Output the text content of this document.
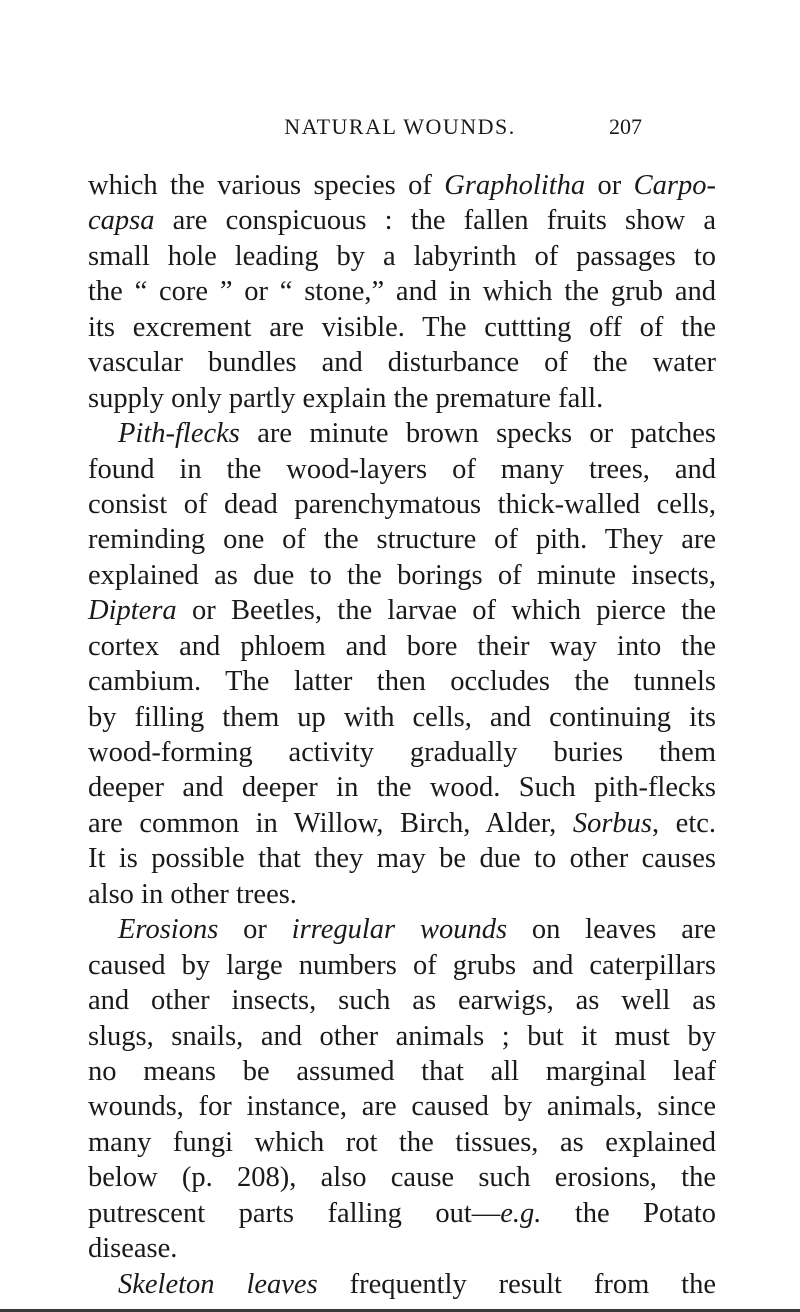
NATURAL WOUNDS.	207
which the various species of Grapholitha or Carpo-
capsa are conspicuous : the fallen fruits show a
small hole leading by a labyrinth of passages to
the “ core ” or “ stone,” and in which the grub and
its excrement are visible. The cuttting off of the
vascular bundles and disturbance of the water
supply only partly explain the premature fall.
Pith-flecks are minute brown specks or patches
found in the wood-layers of many trees, and
consist of dead parenchymatous thick-walled cells,
reminding one of the structure of pith. They are
explained as due to the borings of minute insects,
Diptera or Beetles, the larvae of which pierce the
cortex and phloem and bore their way into the
cambium. The latter then occludes the tunnels
by filling them up with cells, and continuing its
wood-forming activity gradually buries them
deeper and deeper in the wood. Such pith-flecks
are common in Willow, Birch, Alder, Sorbus, etc.
It is possible that they may be due to other causes
also in other trees.
Erosions or irregular wounds on leaves are
caused by large numbers of grubs and caterpillars
and other insects, such as earwigs, as well as
slugs, snails, and other animals ; but it must by
no means be assumed that all marginal leaf
wounds, for instance, are caused by animals, since
many fungi which rot the tissues, as explained
below (p. 208), also cause such erosions, the
putrescent parts falling out—e.g. the Potato
disease.
Skeleton leaves frequently result from the
